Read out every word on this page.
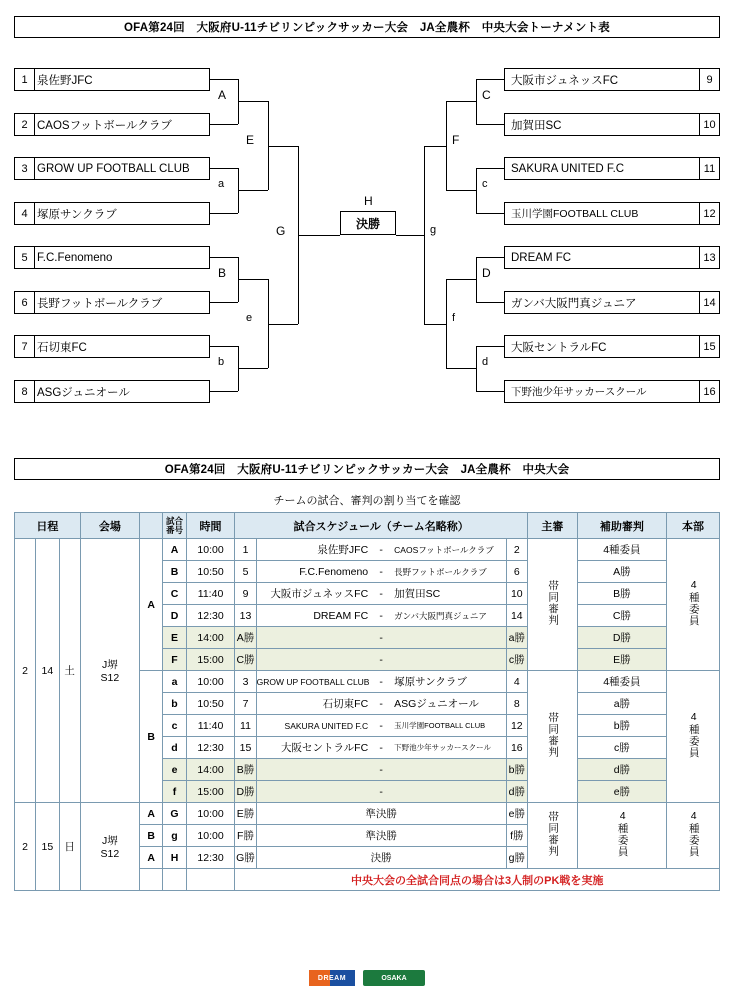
OFA第24回　大阪府U-11チビリンピックサッカー大会　JA全農杯　中央大会トーナメント表
1 泉佐野JFC
2 CAOSフットボールクラブ
3 GROW UP FOOTBALL CLUB
4 塚原サンクラブ
5 F.C.Fenomeno
6 長野フットボールクラブ
7 石切東FC
8 ASGジュニオール
大阪市ジュネッスFC	9
加賀田SC	10
SAKURA UNITED F.C	11
玉川学園FOOTBALL CLUB	12
DREAM FC	13
ガンバ大阪門真ジュニア	14
大阪セントラルFC	15
下野池少年サッカースクール	16
決勝
H
A
a
E
B
b
e
G
C
c
F
D
d
f
g
OFA第24回　大阪府U-11チビリンピックサッカー大会　JA全農杯　中央大会
チームの試合、審判の割り当てを確認
日程			会場		試合番号	時間	試合スケジュール（チーム名略称）			主審	補助審判	本部
2	14	土	J堺
S12
	A	A	10:00	1	泉佐野JFC	-	CAOSフットボールクラブ	2	帯同審判	4種委員	4種委員
					B	10:50	5	F.C.Fenomeno - 長野フットボールクラブ	6		A勝	
					C	11:40	9	大阪市ジュネッスFC - 加賀田SC	10		B勝	
					D	12:30	13	DREAM FC - ガンバ大阪門真ジュニア	14		C勝	
					E	14:00	A勝	-	a勝		D勝	
					F	15:00	C勝	-	c勝		E勝	
				B	a	10:00	3	GROW UP FOOTBALL CLUB - 塚原サンクラブ	4	帯同審判	4種委員	4種委員
					b	10:50	7	石切東FC - ASGジュニオール	8		a勝	
					c	11:40	11	SAKURA UNITED F.C - 玉川学園FOOTBALL CLUB	12		b勝	
					d	12:30	15	大阪セントラルFC - 下野池少年サッカースクール	16		c勝	
					e	14:00	B勝	-	b勝		d勝	
					f	15:00	D勝	-	d勝		e勝	
2	15	日	J堺
S12	A	G	10:00	E勝	準決勝	e勝	帯同審判	4種委員	4種委員
				B	g	10:00	F勝	準決勝	f勝			
				A	H	12:30	G勝	決勝	g勝			
							中央大会の全試合同点の場合は3人制のPK戦を実施					
DREAM	OSAKA
